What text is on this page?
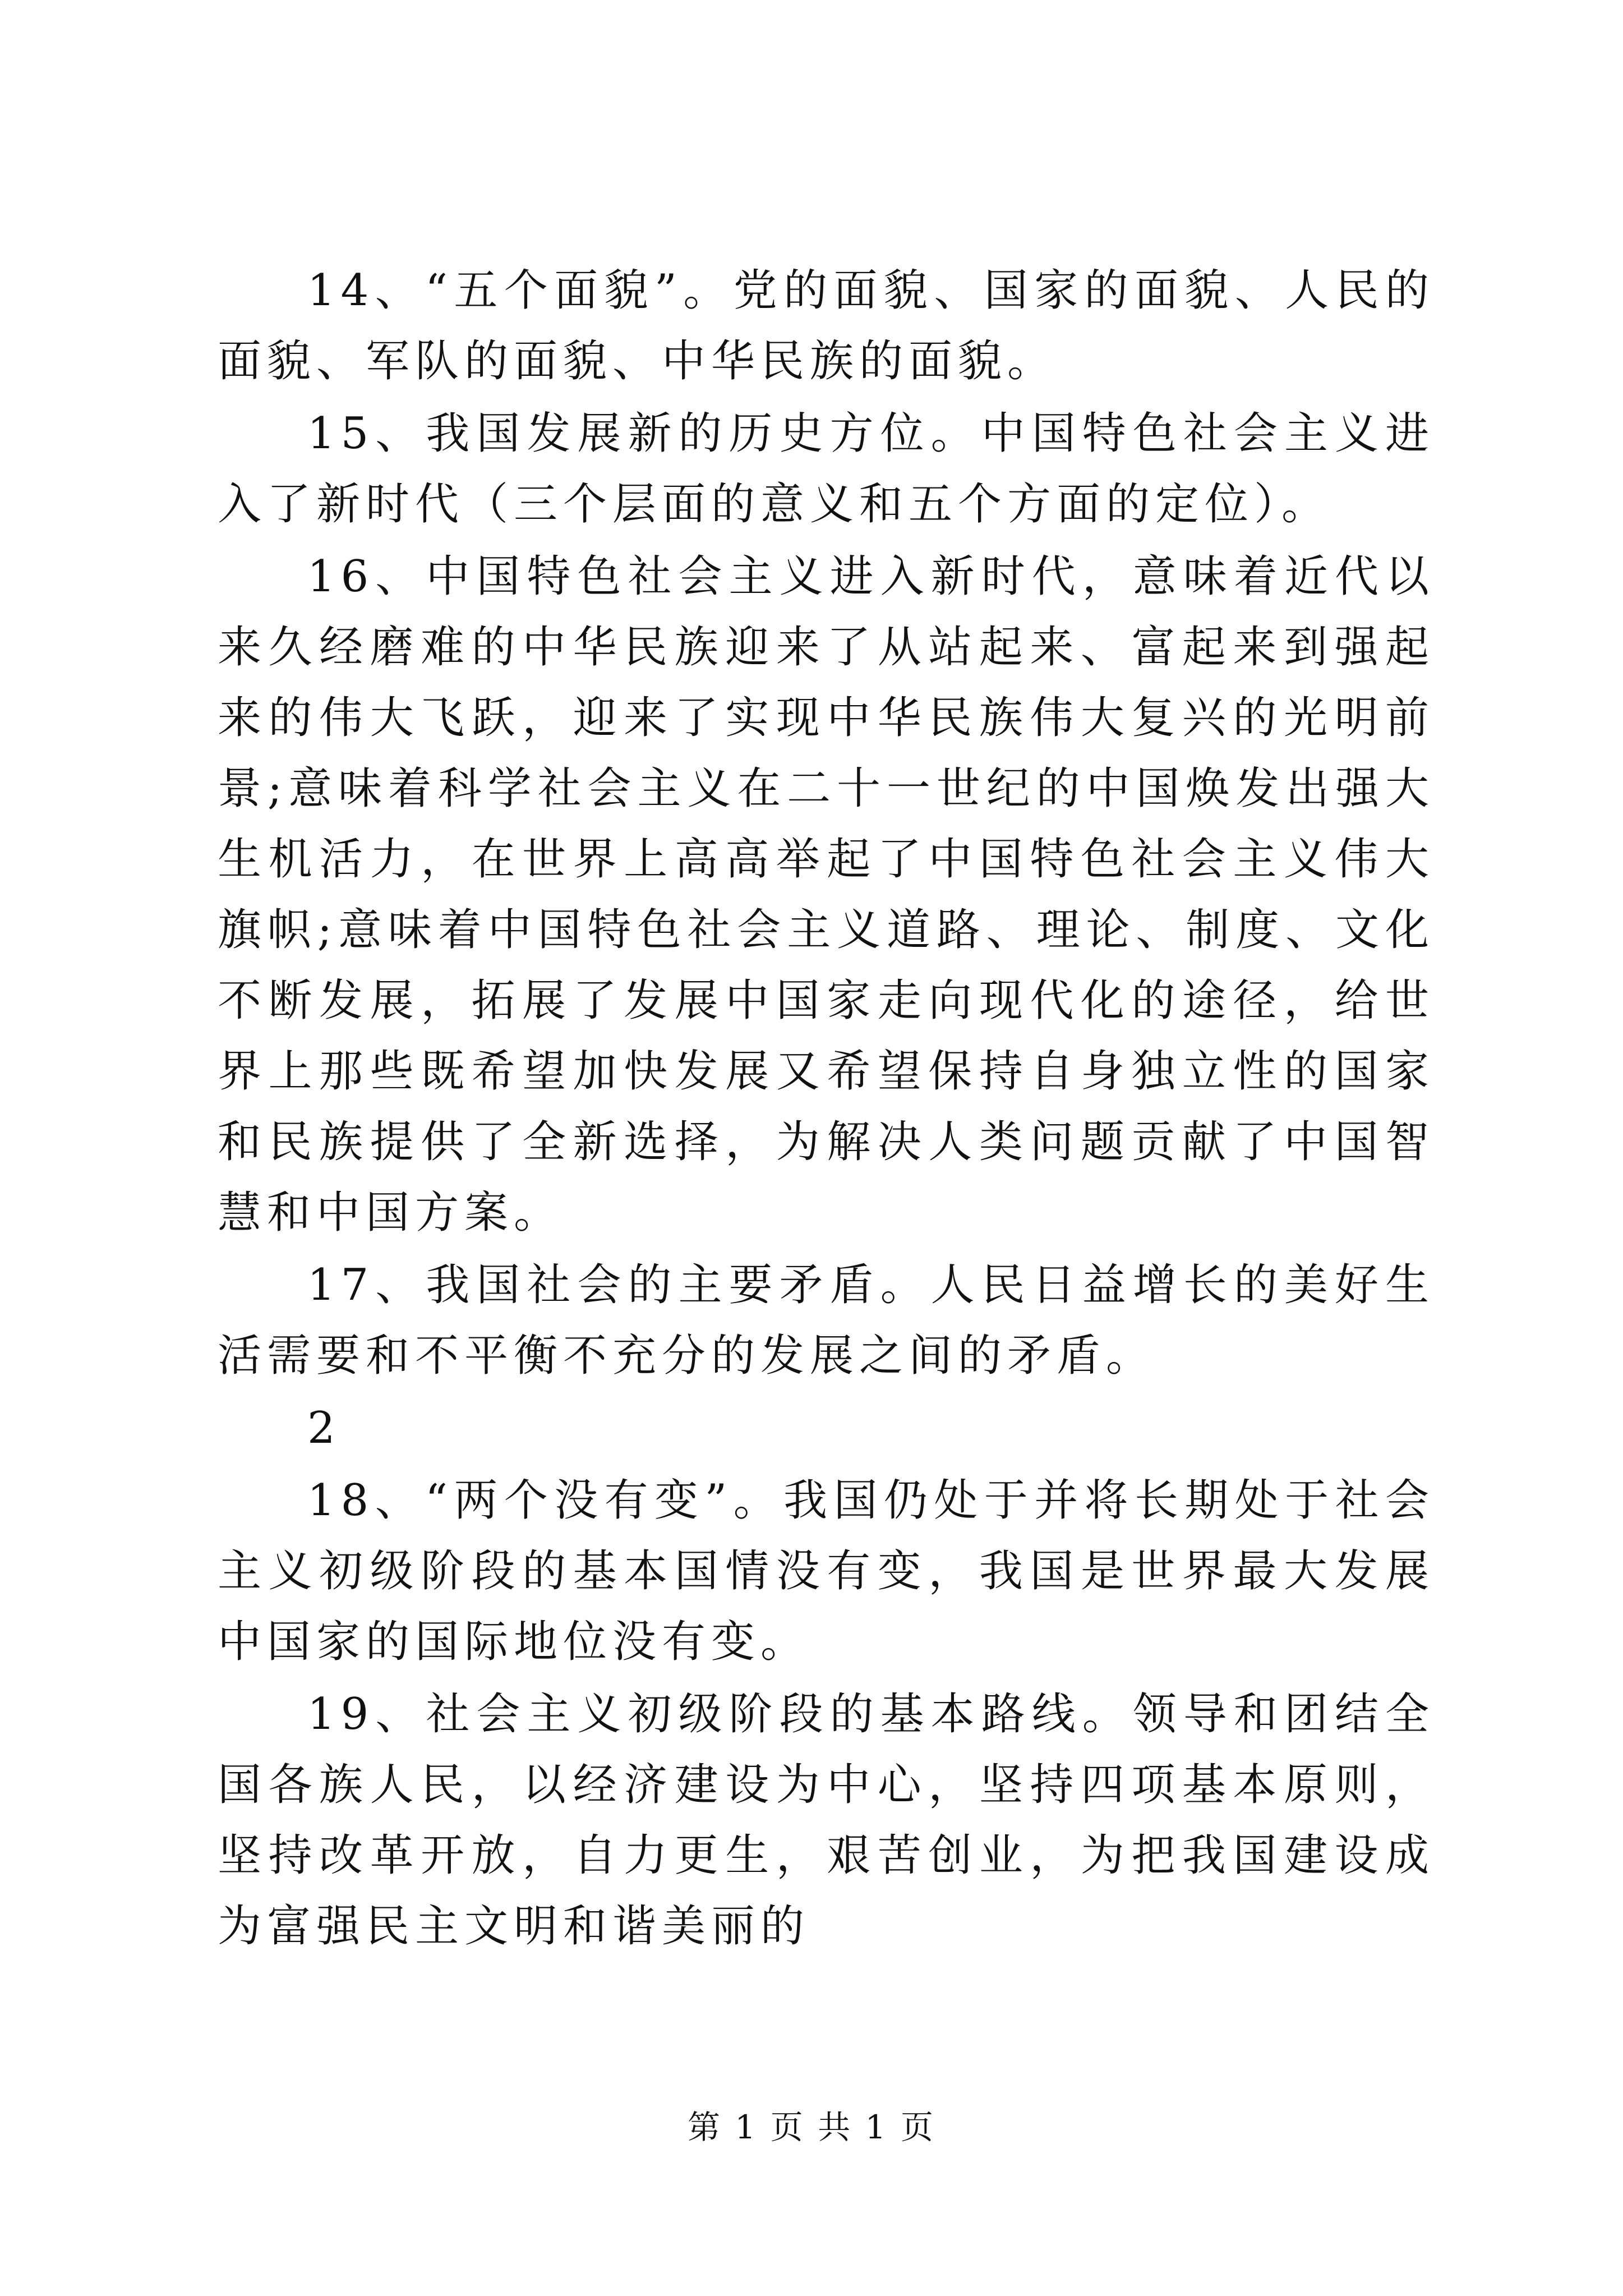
14、“五个面貌”。党的面貌、国家的面貌、人民的面貌、军队的面貌、中华民族的面貌。

15、我国发展新的历史方位。中国特色社会主义进入了新时代（三个层面的意义和五个方面的定位）。

16、中国特色社会主义进入新时代，意味着近代以来久经磨难的中华民族迎来了从站起来、富起来到强起来的伟大飞跃，迎来了实现中华民族伟大复兴的光明前景;意味着科学社会主义在二十一世纪的中国焕发出强大生机活力，在世界上高高举起了中国特色社会主义伟大旗帜;意味着中国特色社会主义道路、理论、制度、文化不断发展，拓展了发展中国家走向现代化的途径，给世界上那些既希望加快发展又希望保持自身独立性的国家和民族提供了全新选择，为解决人类问题贡献了中国智慧和中国方案。

17、我国社会的主要矛盾。人民日益增长的美好生活需要和不平衡不充分的发展之间的矛盾。

2

18、“两个没有变”。我国仍处于并将长期处于社会主义初级阶段的基本国情没有变，我国是世界最大发展中国家的国际地位没有变。

19、社会主义初级阶段的基本路线。领导和团结全国各族人民，以经济建设为中心，坚持四项基本原则，坚持改革开放，自力更生，艰苦创业，为把我国建设成为富强民主文明和谐美丽的

第 1 页 共 1 页
